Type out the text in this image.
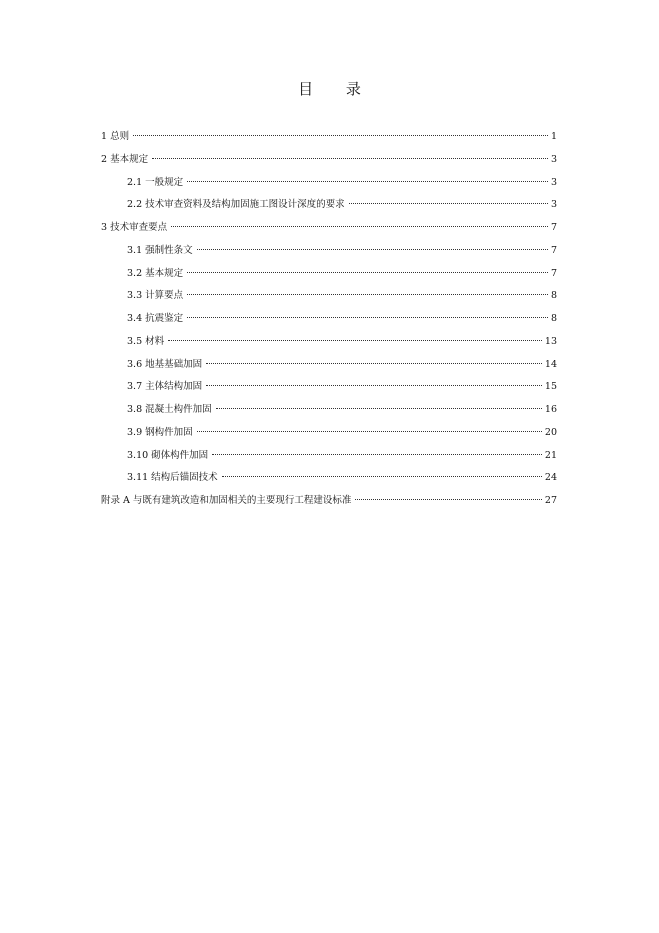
目 录
1 总则	1
2 基本规定	3
2.1 一般规定	3
2.2 技术审查资料及结构加固施工图设计深度的要求	3
3 技术审查要点	7
3.1 强制性条文	7
3.2 基本规定	7
3.3 计算要点	8
3.4 抗震鉴定	8
3.5 材料	13
3.6 地基基础加固	14
3.7 主体结构加固	15
3.8 混凝土构件加固	16
3.9 钢构件加固	20
3.10 砌体构件加固	21
3.11 结构后锚固技术	24
附录 A 与既有建筑改造和加固相关的主要现行工程建设标准	27
